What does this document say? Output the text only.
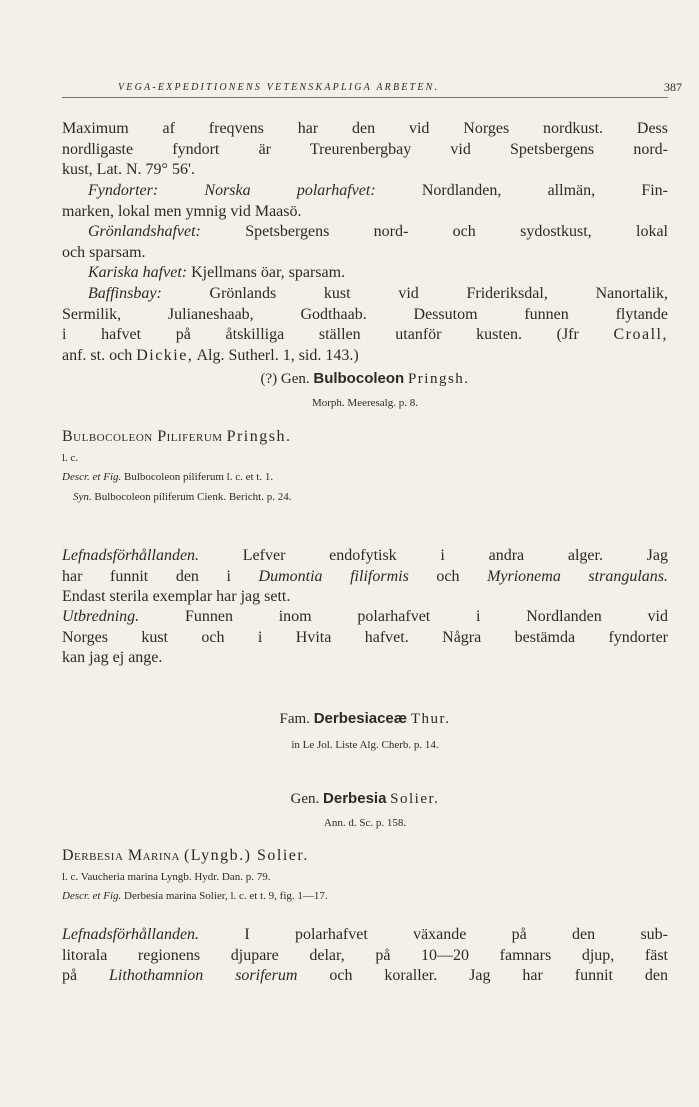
VEGA-EXPEDITIONENS VETENSKAPLIGA ARBETEN.	387
Maximum af freqvens har den vid Norges nordkust. Dess
nordligaste fyndort är Treurenbergbay vid Spetsbergens nord-
kust, Lat. N. 79° 56'.
Fyndorter: Norska polarhafvet: Nordlanden, allmän, Fin-
marken, lokal men ymnig vid Maasö.
Grönlandshafvet: Spetsbergens nord- och sydostkust, lokal
och sparsam.
Kariska hafvet: Kjellmans öar, sparsam.
Baffinsbay: Grönlands kust vid Frideriksdal, Nanortalik,
Sermilik, Julianeshaab, Godthaab. Dessutom funnen flytande
i hafvet på åtskilliga ställen utanför kusten. (Jfr Croall,
anf. st. och Dickie, Alg. Sutherl. 1, sid. 143.)
(?) Gen. Bulbocoleon Pringsh.
Morph. Meeresalg. p. 8.
Bulbocoleon Piliferum Pringsh.
l. c.
Descr. et Fig. Bulbocoleon piliferum l. c. et t. 1.
Syn. Bulbocoleon piliferum Cienk. Bericht. p. 24.
Lefnadsförhållanden. Lefver endofytisk i andra alger. Jag
har funnit den i Dumontia filiformis och Myrionema strangulans.
Endast sterila exemplar har jag sett.
Utbredning. Funnen inom polarhafvet i Nordlanden vid
Norges kust och i Hvita hafvet. Några bestämda fyndorter
kan jag ej ange.
Fam. Derbesiaceæ Thur.
in Le Jol. Liste Alg. Cherb. p. 14.
Gen. Derbesia Solier.
Ann. d. Sc. p. 158.
Derbesia Marina (Lyngb.) Solier.
l. c. Vaucheria marina Lyngb. Hydr. Dan. p. 79.
Descr. et Fig. Derbesia marina Solier, l. c. et t. 9, fig. 1—17.
Lefnadsförhållanden. I polarhafvet växande på den sub-
litorala regionens djupare delar, på 10—20 famnars djup, fäst
på Lithothamnion soriferum och koraller. Jag har funnit den
